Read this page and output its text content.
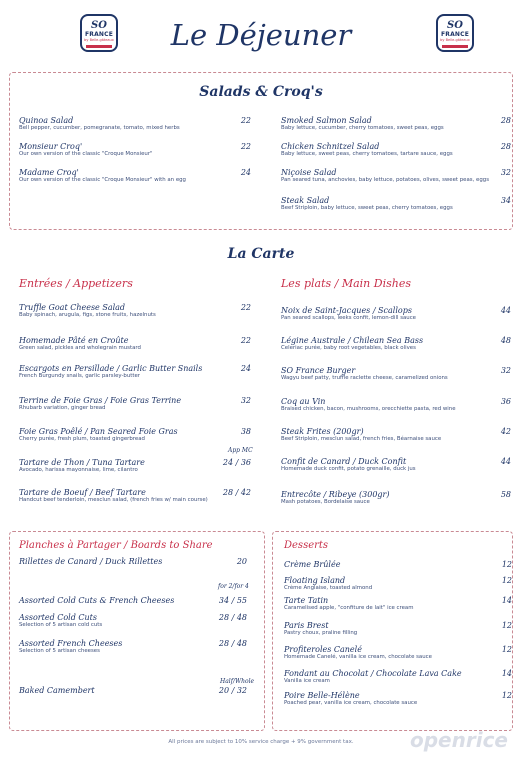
SO
FRANCE
by Belle-gâteaux
SO
FRANCE
by Belle-gâteaux
Le Déjeuner
Salads & Croq's
Quinoa Salad
Bell pepper, cucumber, pomegranate, tomato, mixed herbs
22
Monsieur Croq'
Our own version of the classic "Croque Monsieur"
22
Madame Croq'
Our own version of the classic "Croque Monsieur" with an egg
24
Smoked Salmon Salad
Baby lettuce, cucumber, cherry tomatoes, sweet peas, eggs
28
Chicken Schnitzel Salad
Baby lettuce, sweet peas, cherry tomatoes, tartare sauce, eggs
28
Niçoise Salad
Pan seared tuna, anchovies, baby lettuce, potatoes, olives, sweet peas, eggs
32
Steak Salad
Beef Striploin, baby lettuce, sweet peas, cherry tomatoes, eggs
34
La Carte
Entrées / Appetizers	Les plats / Main Dishes
Truffle Goat Cheese Salad
Baby spinach, arugula, figs, stone fruits, hazelnuts
22
Homemade Pâté en Croûte
Green salad, pickles and wholegrain mustard
22
Escargots en Persillade / Garlic Butter Snails
French Burgundy snails, garlic parsley-butter
24
Terrine de Foie Gras / Foie Gras Terrine
Rhubarb variation, ginger bread
32
Foie Gras Poêlé / Pan Seared Foie Gras
Cherry purée, fresh plum, toasted gingerbread
38
Tartare de Thon / Tuna Tartare
Avocado, harissa mayonnaise, lime, cilantro
24 / 36
Tartare de Boeuf / Beef Tartare
Handcut beef tenderloin, mesclun salad, (french fries w/ main course)
28 / 42
Noix de Saint-Jacques / Scallops
Pan seared scallops, leeks confit, lemon-dill sauce
44
Légine Australe / Chilean Sea Bass
Celeriac purée, baby root vegetables, black olives
48
SO France Burger
Wagyu beef patty, truffle raclette cheese, caramelized onions
32
Coq au Vin
Braised chicken, bacon, mushrooms, orecchiette pasta, red wine
36
Steak Frites (200gr)
Beef Striploin, mesclun salad, french fries, Béarnaise sauce
42
Confit de Canard / Duck Confit
Homemade duck confit, potato grenaille, duck jus
44
Entrecôte / Ribeye (300gr)
Mash potatoes, Bordelaise sauce
58
App MC
Planches à Partager / Boards to Share
for 2/for 4
Half/Whole
Rillettes de Canard / Duck Rillettes	20
Assorted Cold Cuts & French Cheeses	34 / 55
Assorted Cold Cuts
Selection of 5 artisan cold cuts
28 / 48
Assorted French Cheeses
Selection of 5 artisan cheeses
28 / 48
Baked Camembert	20 / 32
Desserts
Crème Brûlée	12
Floating Island
Crème Anglaise, toasted almond
12
Tarte Tatin
Caramelised apple, "confiture de lait" ice cream
14
Paris Brest
Pastry choux, praline filling
12
Profiteroles Canelé
Homemade Canelé, vanilla ice cream, chocolate sauce
12
Fondant au Chocolat / Chocolate Lava Cake
Vanilla ice cream
14
Poire Belle-Hélène
Poached pear, vanilla ice cream, chocolate sauce
12
All prices are subject to 10% service charge + 9% government tax.	openrice
